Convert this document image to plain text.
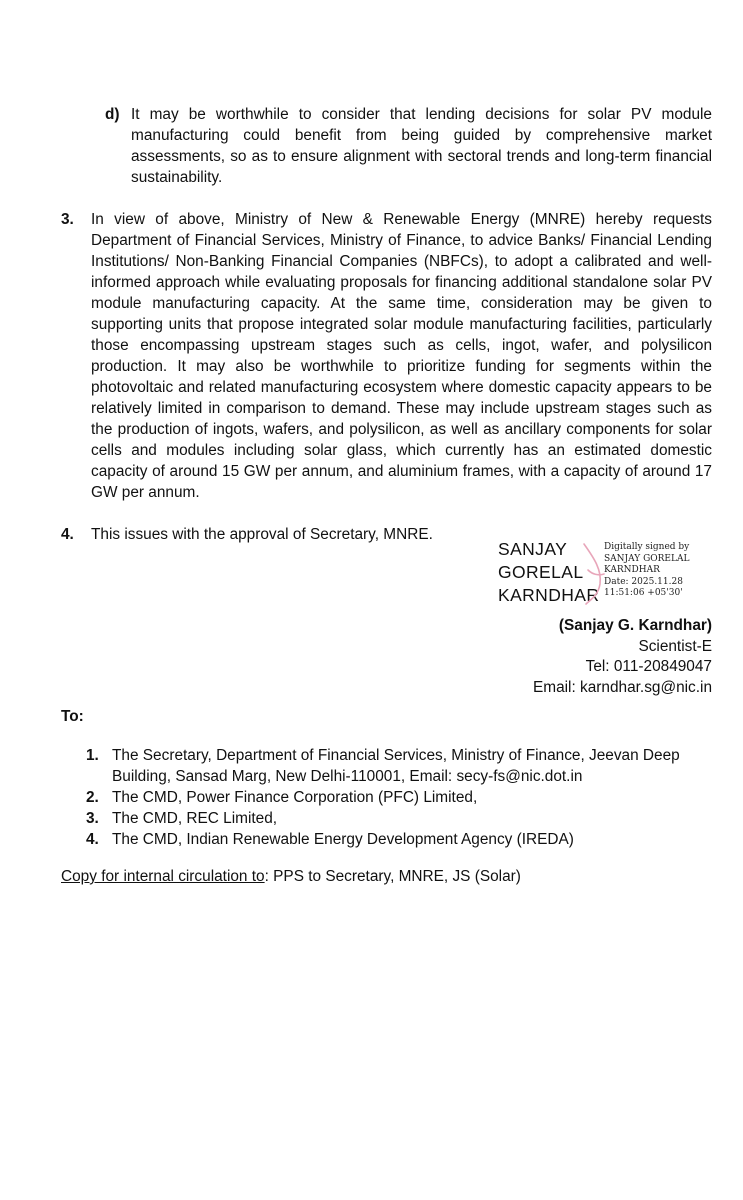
d) It may be worthwhile to consider that lending decisions for solar PV module manufacturing could benefit from being guided by comprehensive market assessments, so as to ensure alignment with sectoral trends and long-term financial sustainability.
3. In view of above, Ministry of New & Renewable Energy (MNRE) hereby requests Department of Financial Services, Ministry of Finance, to advice Banks/ Financial Lending Institutions/ Non-Banking Financial Companies (NBFCs), to adopt a calibrated and well-informed approach while evaluating proposals for financing additional standalone solar PV module manufacturing capacity. At the same time, consideration may be given to supporting units that propose integrated solar module manufacturing facilities, particularly those encompassing upstream stages such as cells, ingot, wafer, and polysilicon production. It may also be worthwhile to prioritize funding for segments within the photovoltaic and related manufacturing ecosystem where domestic capacity appears to be relatively limited in comparison to demand. These may include upstream stages such as the production of ingots, wafers, and polysilicon, as well as ancillary components for solar cells and modules including solar glass, which currently has an estimated domestic capacity of around 15 GW per annum, and aluminium frames, with a capacity of around 17 GW per annum.
4. This issues with the approval of Secretary, MNRE.
SANJAY
GORELAL
KARNDHAR
Digitally signed by
SANJAY GORELAL
KARNDHAR
Date: 2025.11.28
11:51:06 +05'30'
(Sanjay G. Karndhar)
Scientist-E
Tel: 011-20849047
Email: karndhar.sg@nic.in
To:
1. The Secretary, Department of Financial Services, Ministry of Finance, Jeevan Deep Building, Sansad Marg, New Delhi-110001, Email: secy-fs@nic.dot.in
2. The CMD, Power Finance Corporation (PFC) Limited,
3. The CMD, REC Limited,
4. The CMD, Indian Renewable Energy Development Agency (IREDA)
Copy for internal circulation to: PPS to Secretary, MNRE, JS (Solar)
